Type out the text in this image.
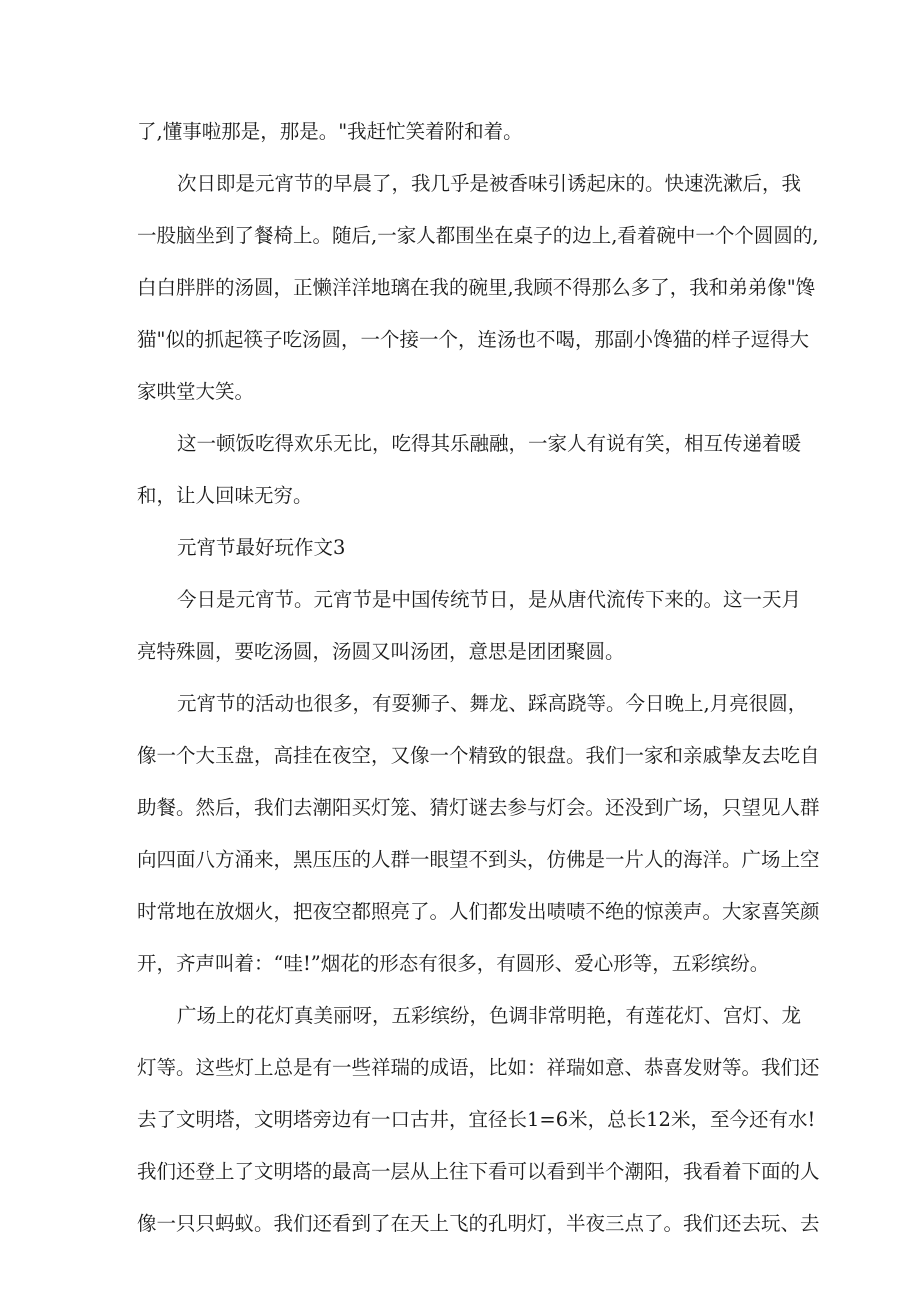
了,懂事啦那是，那是。"我赶忙笑着附和着。
次日即是元宵节的早晨了，我几乎是被香味引诱起床的。快速洗漱后，我
一股脑坐到了餐椅上。随后,一家人都围坐在桌子的边上,看着碗中一个个圆圆的,
白白胖胖的汤圆，正懒洋洋地璃在我的碗里,我顾不得那么多了，我和弟弟像"馋
猫"似的抓起筷子吃汤圆，一个接一个，连汤也不喝，那副小馋猫的样子逗得大
家哄堂大笑。
这一顿饭吃得欢乐无比，吃得其乐融融，一家人有说有笑，相互传递着暖
和，让人回味无穷。
元宵节最好玩作文3
今日是元宵节。元宵节是中国传统节日，是从唐代流传下来的。这一天月
亮特殊圆，要吃汤圆，汤圆又叫汤团，意思是团团聚圆。
元宵节的活动也很多，有耍狮子、舞龙、踩高跷等。今日晚上,月亮很圆，
像一个大玉盘，高挂在夜空，又像一个精致的银盘。我们一家和亲戚挚友去吃自
助餐。然后，我们去潮阳买灯笼、猜灯谜去参与灯会。还没到广场，只望见人群
向四面八方涌来，黑压压的人群一眼望不到头，仿佛是一片人的海洋。广场上空
时常地在放烟火，把夜空都照亮了。人们都发出啧啧不绝的惊羡声。大家喜笑颜
开，齐声叫着：“哇!”烟花的形态有很多，有圆形、爱心形等，五彩缤纷。
广场上的花灯真美丽呀，五彩缤纷，色调非常明艳，有莲花灯、宫灯、龙
灯等。这些灯上总是有一些祥瑞的成语，比如：祥瑞如意、恭喜发财等。我们还
去了文明塔，文明塔旁边有一口古井，宜径长1=6米，总长12米，至今还有水!
我们还登上了文明塔的最高一层从上往下看可以看到半个潮阳，我看着下面的人
像一只只蚂蚁。我们还看到了在天上飞的孔明灯，半夜三点了。我们还去玩、去
